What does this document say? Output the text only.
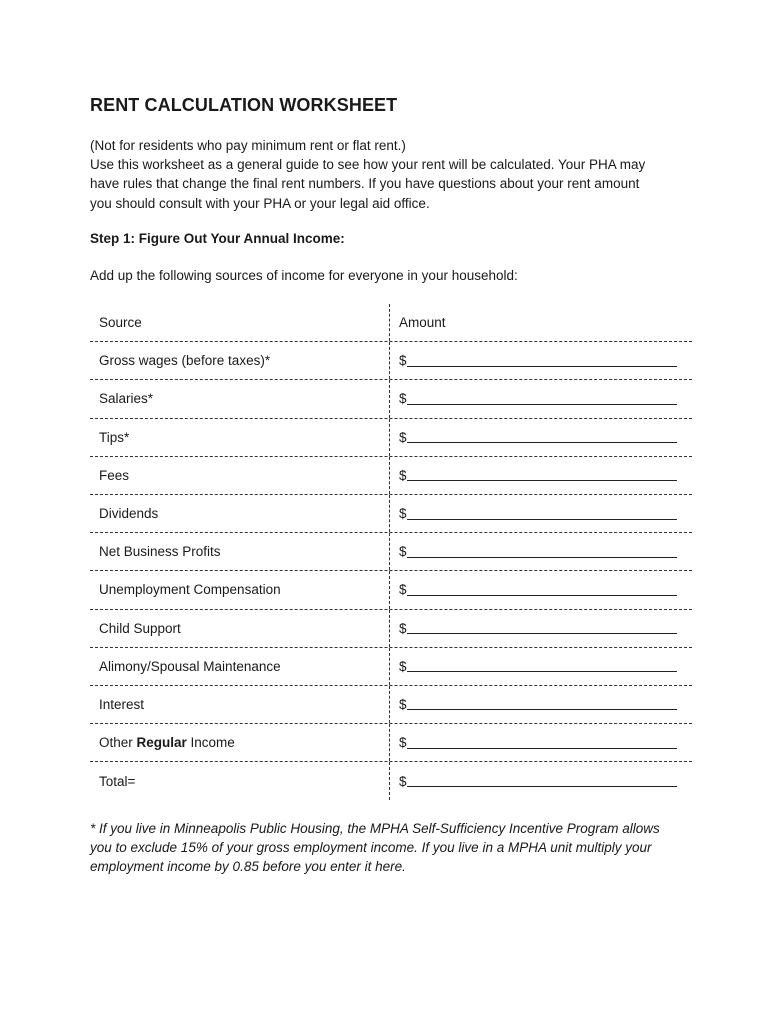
RENT CALCULATION WORKSHEET

(Not for residents who pay minimum rent or flat rent.)

Use this worksheet as a general guide to see how your rent will be calculated. Your PHA may

have rules that change the final rent numbers. If you have questions about your rent amount

you should consult with your PHA or your legal aid office.

Step 1: Figure Out Your Annual Income:
Add up the following sources of income for everyone in your household:
Source	Amount
Gross wages (before taxes)*	$
Salaries*	$
Tips*	$
Fees	$
Dividends	$
Net Business Profits	$
Unemployment Compensation	$
Child Support	$
Alimony/Spousal Maintenance	$
Interest	$
Other Regular Income	$
Total=	$
* If you live in Minneapolis Public Housing, the MPHA Self-Sufficiency Incentive Program allows
you to exclude 15% of your gross employment income. If you live in a MPHA unit multiply your
employment income by 0.85 before you enter it here.
